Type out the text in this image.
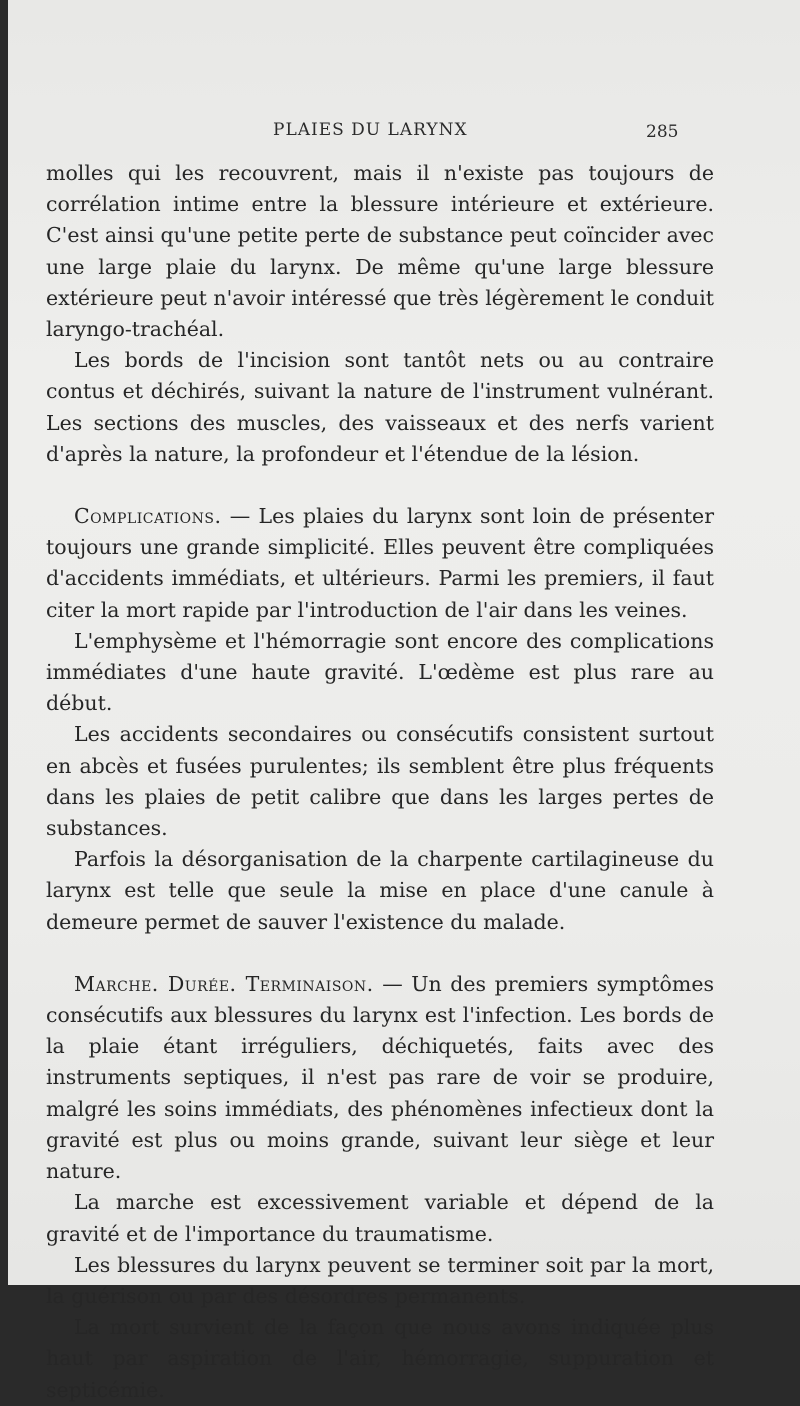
PLAIES DU LARYNX	285

molles qui les recouvrent, mais il n'existe pas toujours de corrélation intime entre la blessure intérieure et extérieure. C'est ainsi qu'une petite perte de substance peut coïncider avec une large plaie du larynx. De même qu'une large blessure extérieure peut n'avoir intéressé que très légèrement le conduit laryngo-trachéal.

Les bords de l'incision sont tantôt nets ou au contraire contus et déchirés, suivant la nature de l'instrument vulnérant. Les sections des muscles, des vaisseaux et des nerfs varient d'après la nature, la profondeur et l'étendue de la lésion.

Complications. — Les plaies du larynx sont loin de présenter toujours une grande simplicité. Elles peuvent être compliquées d'accidents immédiats, et ultérieurs. Parmi les premiers, il faut citer la mort rapide par l'introduction de l'air dans les veines.

L'emphysème et l'hémorragie sont encore des complications immédiates d'une haute gravité. L'œdème est plus rare au début.

Les accidents secondaires ou consécutifs consistent surtout en abcès et fusées purulentes; ils semblent être plus fréquents dans les plaies de petit calibre que dans les larges pertes de substances.

Parfois la désorganisation de la charpente cartilagineuse du larynx est telle que seule la mise en place d'une canule à demeure permet de sauver l'existence du malade.

Marche. Durée. Terminaison. — Un des premiers symptômes consécutifs aux blessures du larynx est l'infection. Les bords de la plaie étant irréguliers, déchiquetés, faits avec des instruments septiques, il n'est pas rare de voir se produire, malgré les soins immédiats, des phénomènes infectieux dont la gravité est plus ou moins grande, suivant leur siège et leur nature.

La marche est excessivement variable et dépend de la gravité et de l'importance du traumatisme.

Les blessures du larynx peuvent se terminer soit par la mort, la guérison ou par des désordres permanents.

La mort survient de la façon que nous avons indiquée plus haut par aspiration de l'air, hémorragie, suppuration et septicémie.
